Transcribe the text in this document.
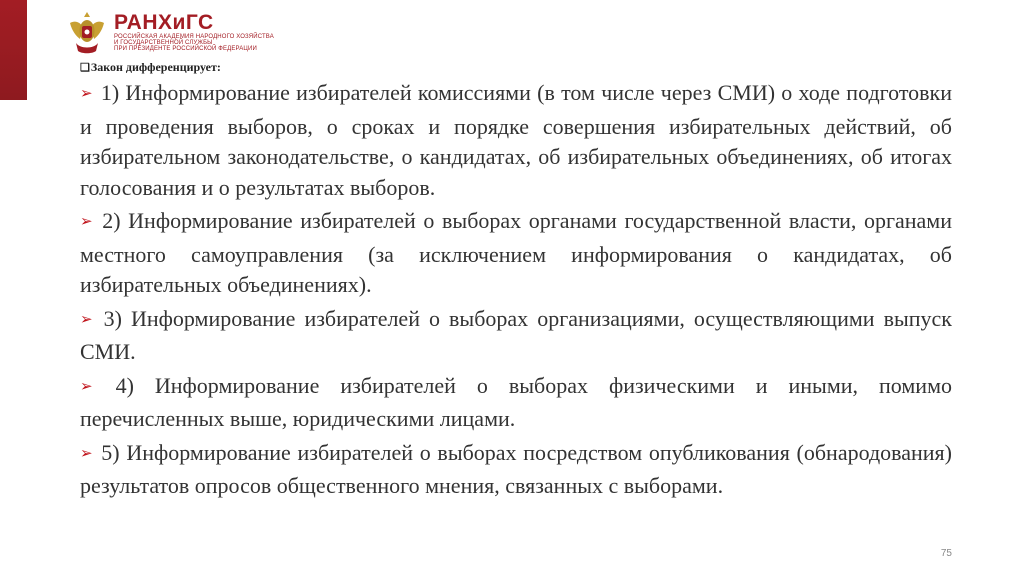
РАНХиГС
РОССИЙСКАЯ АКАДЕМИЯ НАРОДНОГО ХОЗЯЙСТВА
И ГОСУДАРСТВЕННОЙ СЛУЖБЫ
ПРИ ПРЕЗИДЕНТЕ РОССИЙСКОЙ ФЕДЕРАЦИИ
❑Закон дифференцирует:

➢ 1) Информирование избирателей комиссиями (в том числе через СМИ) о ходе подготовки и проведения выборов, о сроках и порядке совершения избирательных действий, об избирательном законодательстве, о кандидатах, об избирательных объединениях, об итогах голосования и о результатах выборов.

➢ 2) Информирование избирателей о выборах органами государственной власти, органами местного самоуправления (за исключением информирования о кандидатах, об избирательных объединениях).

➢ 3) Информирование избирателей о выборах организациями, осуществляющими выпуск СМИ.

➢ 4) Информирование избирателей о выборах физическими и иными, помимо перечисленных выше, юридическими лицами.

➢ 5) Информирование избирателей о выборах посредством опубликования (обнародования) результатов опросов общественного мнения, связанных с выборами.

75
